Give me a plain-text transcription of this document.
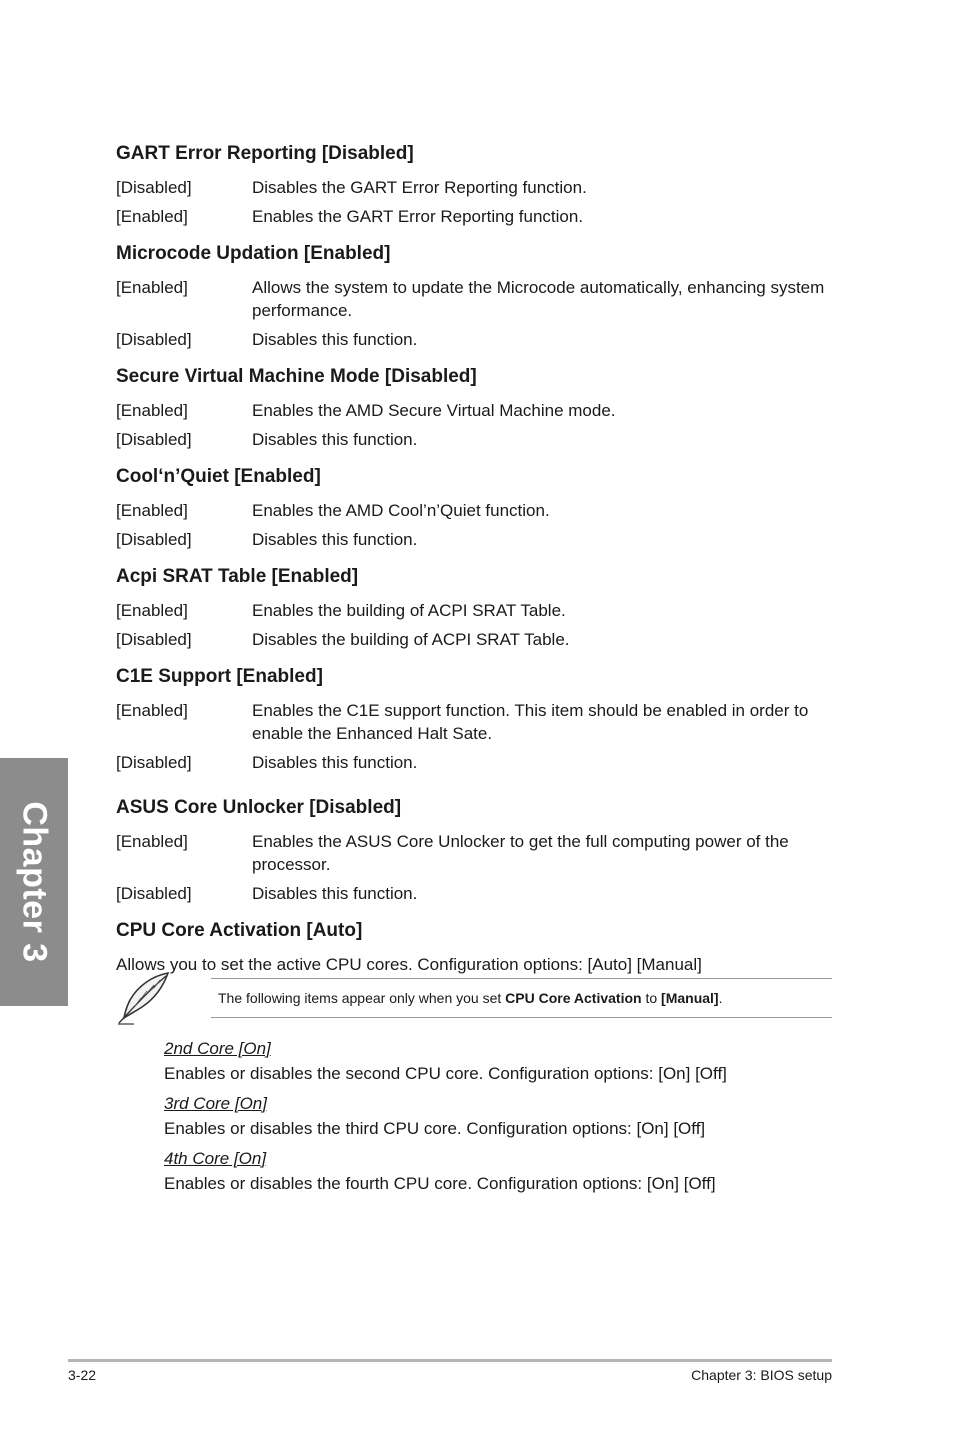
Chapter 3
GART Error Reporting [Disabled]
[Disabled]	Disables the GART Error Reporting function.
[Enabled]	Enables the GART Error Reporting function.
Microcode Updation [Enabled]
[Enabled]	Allows the system to update the Microcode automatically, enhancing system performance.
[Disabled]	Disables this function.
Secure Virtual Machine Mode [Disabled]
[Enabled]	Enables the AMD Secure Virtual Machine mode.
[Disabled]	Disables this function.
Cool‘n’Quiet [Enabled]
[Enabled]	Enables the AMD Cool’n’Quiet function.
[Disabled]	Disables this function.
Acpi SRAT Table [Enabled]
[Enabled]	Enables the building of ACPI SRAT Table.
[Disabled]	Disables the building of ACPI SRAT Table.
C1E Support [Enabled]
[Enabled]	Enables the C1E support function. This item should be enabled in order to enable the Enhanced Halt Sate.
[Disabled]	Disables this function.
ASUS Core Unlocker [Disabled]
[Enabled]	Enables the ASUS Core Unlocker to get the full computing power of the processor.
[Disabled]	Disables this function.
CPU Core Activation [Auto]

Allows you to set the active CPU cores. Configuration options: [Auto] [Manual]

The following items appear only when you set CPU Core Activation to [Manual].

2nd Core [On]

Enables or disables the second CPU core. Configuration options: [On] [Off]

3rd Core [On]

Enables or disables the third CPU core. Configuration options: [On] [Off]

4th Core [On]

Enables or disables the fourth CPU core. Configuration options: [On] [Off]

3-22	Chapter 3: BIOS setup
